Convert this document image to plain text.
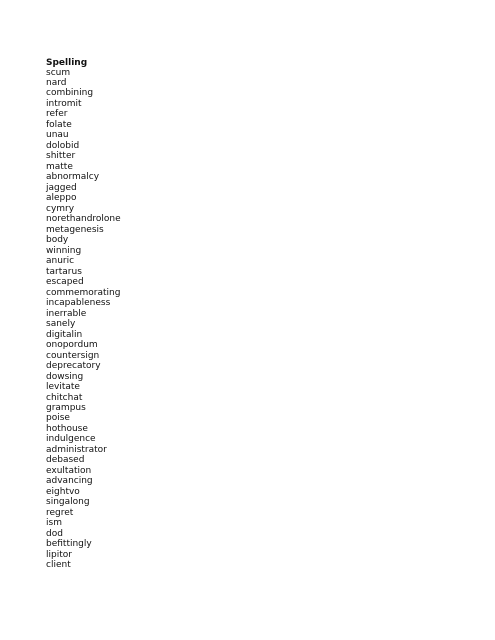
Spelling
scum
nard
combining
intromit
refer
folate
unau
dolobid
shitter
matte
abnormalcy
jagged
aleppo
cymry
norethandrolone
metagenesis
body
winning
anuric
tartarus
escaped
commemorating
incapableness
inerrable
sanely
digitalin
onopordum
countersign
deprecatory
dowsing
levitate
chitchat
grampus
poise
hothouse
indulgence
administrator
debased
exultation
advancing
eightvo
singalong
regret
ism
dod
befittingly
lipitor
client
